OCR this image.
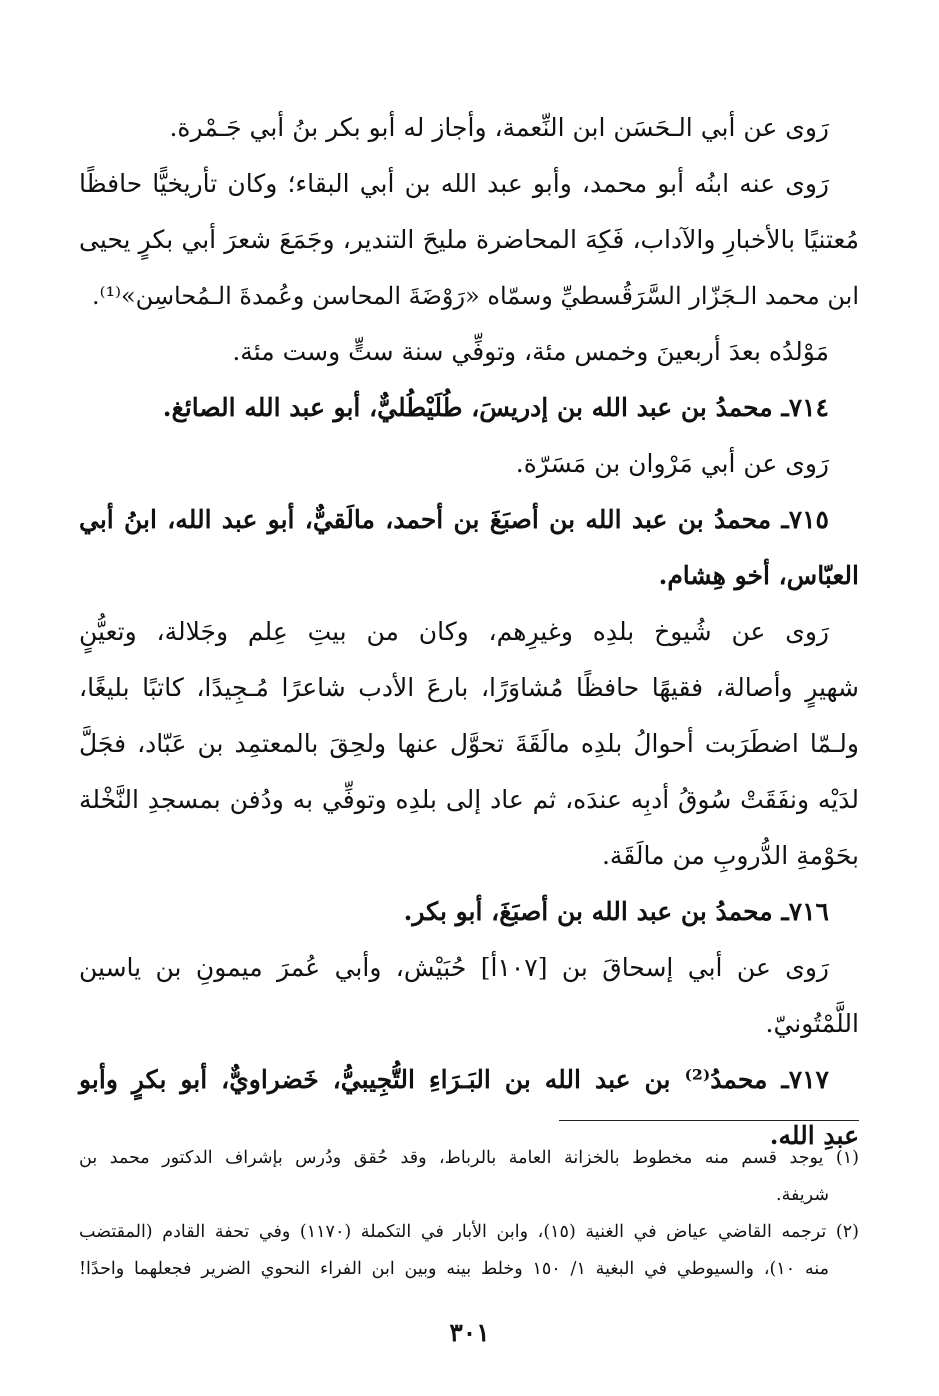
رَوى عن أبي الـحَسَن ابن النِّعمة، وأجاز له أبو بكر بنُ أبي جَـمْرة.
رَوى عنه ابنُه أبو محمد، وأبو عبد الله بن أبي البقاء؛ وكان تأريخيًّا حافظًا
مُعتنيًا بالأخبارِ والآداب، فَكِهَ المحاضرة مليحَ التندير، وجَمَعَ شعرَ أبي بكرٍ يحيى
ابن محمد الـجَزّار السَّرَقُسطيِّ وسمّاه «رَوْضَةَ المحاسن وعُمدةَ الـمُحاسِن»⁽¹⁾.
مَوْلدُه بعدَ أربعينَ وخمس مئة، وتوفِّي سنة ستٍّ وست مئة.
٧١٤ـ محمدُ بن عبد الله بن إدريسَ، طُلَيْطُليٌّ، أبو عبد الله الصائغ.
رَوى عن أبي مَرْوان بن مَسَرّة.
٧١٥ـ محمدُ بن عبد الله بن أصبَغَ بن أحمد، مالَقيٌّ، أبو عبد الله، ابنُ أبي
العبّاس، أخو هِشام.
رَوى عن شُيوخ بلدِه وغيرِهم، وكان من بيتِ عِلم وجَلالة، وتعيُّنٍ
شهيرٍ وأصالة، فقيهًا حافظًا مُشاوَرًا، بارعَ الأدب شاعرًا مُـجِيدًا، كاتبًا بليغًا،
ولـمّا اضطَرَبت أحوالُ بلدِه مالَقَةَ تحوَّل عنها ولحِقَ بالمعتمِد بن عَبّاد، فجَلَّ
لدَيْه ونفَقَتْ سُوقُ أدبِه عندَه، ثم عاد إلى بلدِه وتوفِّي به ودُفن بمسجدِ النَّخْلة
بحَوْمةِ الدُّروبِ من مالَقَة.
٧١٦ـ محمدُ بن عبد الله بن أصبَغَ، أبو بكر.
رَوى عن أبي إسحاقَ بن [١٠٧أ] حُبَيْش، وأبي عُمرَ ميمونِ بن ياسين
اللَّمْتُونيّ.
٧١٧ـ محمدُ⁽²⁾ بن عبد الله بن البَـرَاءِ التُّجِيبيُّ، خَضراويٌّ، أبو بكرٍ وأبو
عبدِ الله.
(١) يوجد قسم منه مخطوط بالخزانة العامة بالرباط، وقد حُقق ودُرس بإشراف الدكتور محمد بن
شريفة.
(٢) ترجمه القاضي عياض في الغنية (١٥)، وابن الأبار في التكملة (١١٧٠) وفي تحفة القادم (المقتضب
منه ١٠)، والسيوطي في البغية ١/ ١٥٠ وخلط بينه وبين ابن الفراء النحوي الضرير فجعلهما واحدًا!
٣٠١
